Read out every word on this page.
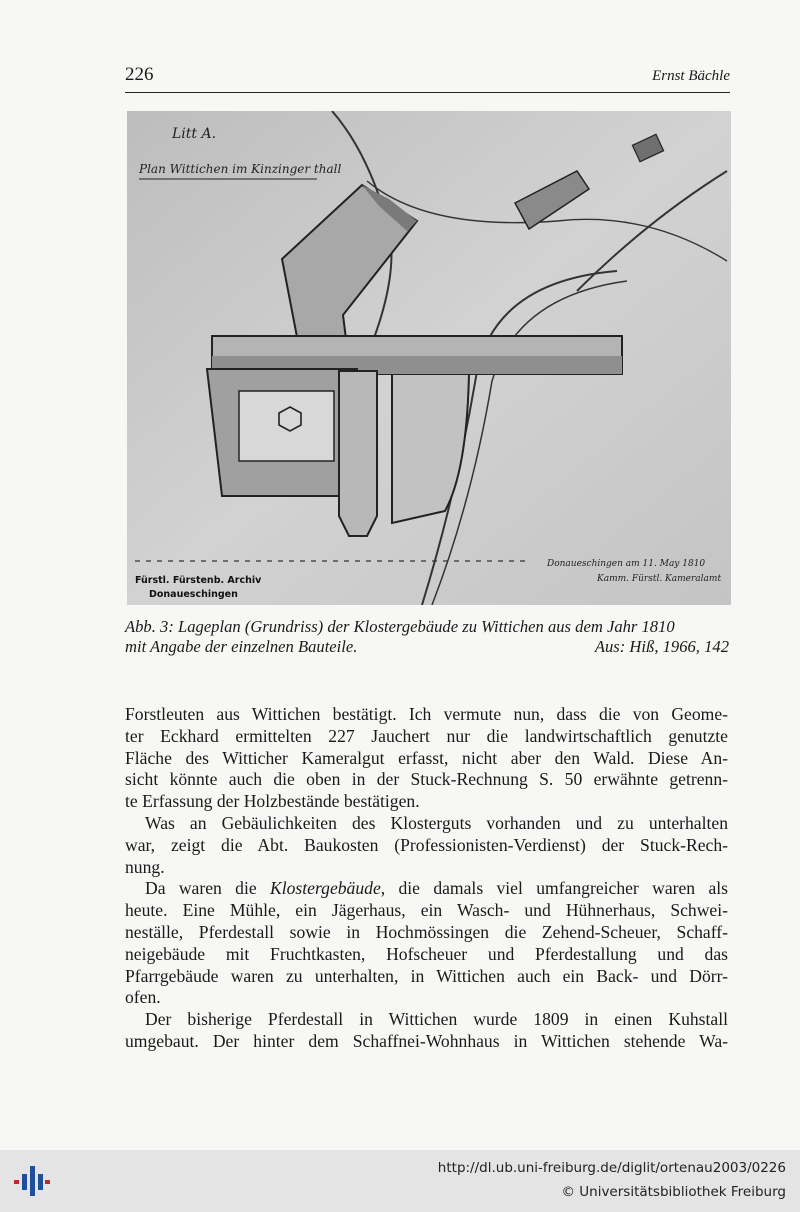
226	Ernst Bächle
Litt A.
Plan Wittichen im Kinzinger thall
Fürstl. Fürstenb. Archiv
Donaueschingen
Donaueschingen am 11. May 1810
Kamm. Fürstl. Kameralamt
Abb. 3: Lageplan (Grundriss) der Klostergebäude zu Wittichen aus dem Jahr 1810
mit Angabe der einzelnen Bauteile.	Aus: Hiß, 1966, 142

Forstleuten aus Wittichen bestätigt. Ich vermute nun, dass die von Geome-
ter Eckhard ermittelten 227 Jauchert nur die landwirtschaftlich genutzte
Fläche des Witticher Kameralgut erfasst, nicht aber den Wald. Diese An-
sicht könnte auch die oben in der Stuck-Rechnung S. 50 erwähnte getrenn-
te Erfassung der Holzbestände bestätigen.

Was an Gebäulichkeiten des Klosterguts vorhanden und zu unterhalten
war, zeigt die Abt. Baukosten (Professionisten-Verdienst) der Stuck-Rech-
nung.

Da waren die Klostergebäude, die damals viel umfangreicher waren als
heute. Eine Mühle, ein Jägerhaus, ein Wasch- und Hühnerhaus, Schwei-
neställe, Pferdestall sowie in Hochmössingen die Zehend-Scheuer, Schaff-
neigebäude mit Fruchtkasten, Hofscheuer und Pferdestallung und das
Pfarrgebäude waren zu unterhalten, in Wittichen auch ein Back- und Dörr-
ofen.

Der bisherige Pferdestall in Wittichen wurde 1809 in einen Kuhstall
umgebaut. Der hinter dem Schaffnei-Wohnhaus in Wittichen stehende Wa-

http://dl.ub.uni-freiburg.de/diglit/ortenau2003/0226
© Universitätsbibliothek Freiburg
